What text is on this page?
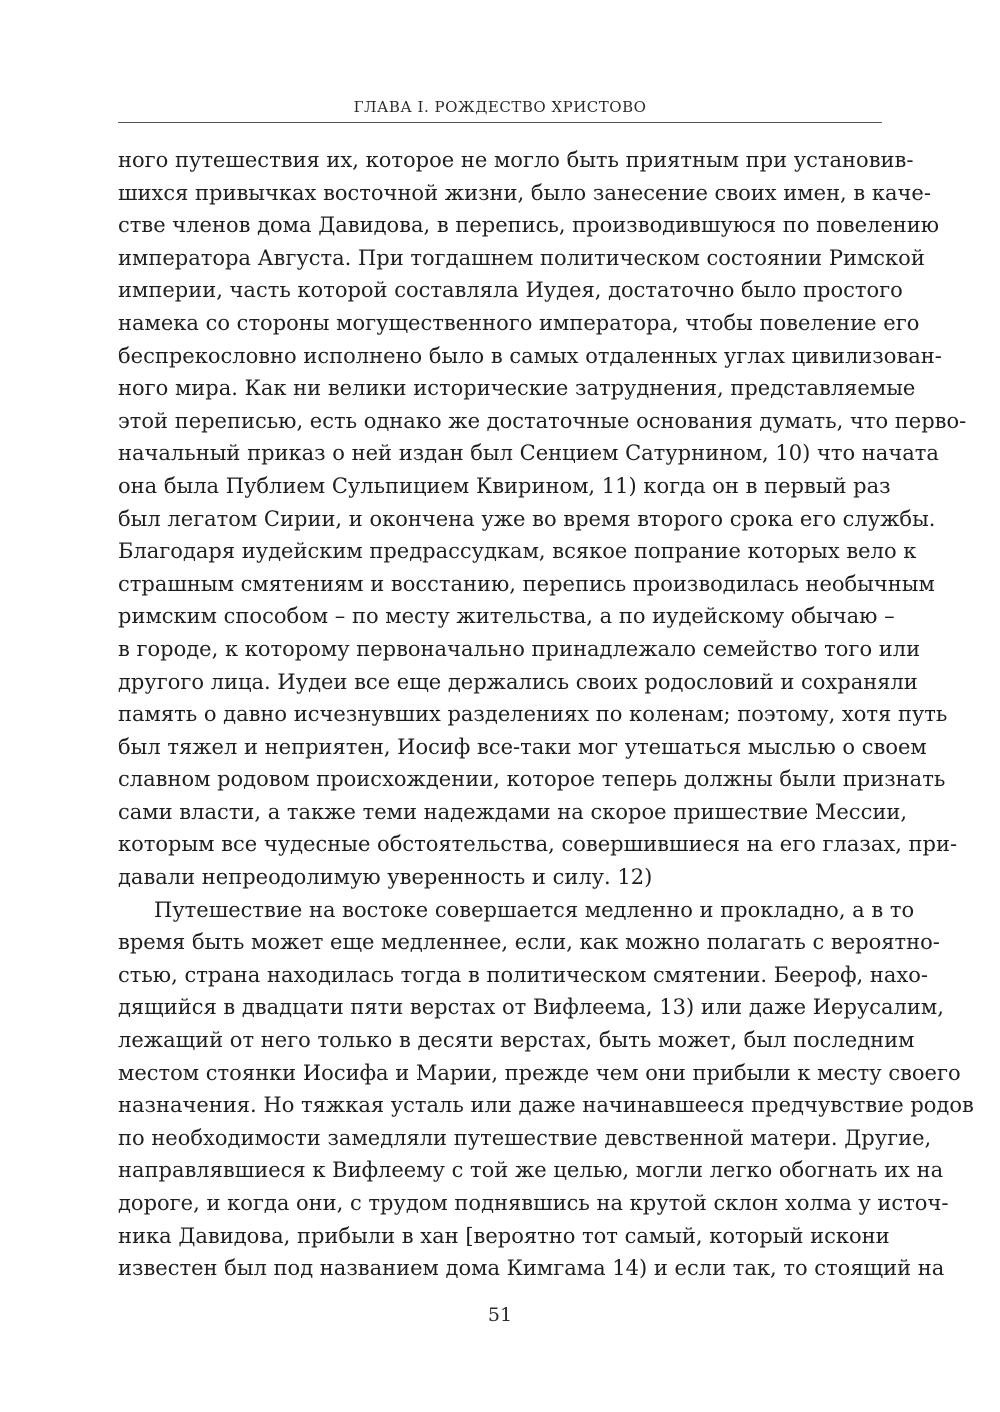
ГЛАВА I. РОЖДЕСТВО ХРИСТОВО
ного путешествия их, которое не могло быть приятным при установив-
шихся привычках восточной жизни, было занесение своих имен, в каче-
стве членов дома Давидова, в перепись, производившуюся по повелению
императора Августа. При тогдашнем политическом состоянии Римской
империи, часть которой составляла Иудея, достаточно было простого
намека со стороны могущественного императора, чтобы повеление его
беспрекословно исполнено было в самых отдаленных углах цивилизован-
ного мира. Как ни велики исторические затруднения, представляемые
этой переписью, есть однако же достаточные основания думать, что перво-
начальный приказ о ней издан был Сенцием Сатурнином, 10) что начата
она была Публием Сульпицием Квирином, 11) когда он в первый раз
был легатом Сирии, и окончена уже во время второго срока его службы.
Благодаря иудейским предрассудкам, всякое попрание которых вело к
страшным смятениям и восстанию, перепись производилась необычным
римским способом – по месту жительства, а по иудейскому обычаю –
в городе, к которому первоначально принадлежало семейство того или
другого лица. Иудеи все еще держались своих родословий и сохраняли
память о давно исчезнувших разделениях по коленам; поэтому, хотя путь
был тяжел и неприятен, Иосиф все-таки мог утешаться мыслью о своем
славном родовом происхождении, которое теперь должны были признать
сами власти, а также теми надеждами на скорое пришествие Мессии,
которым все чудесные обстоятельства, совершившиеся на его глазах, при-
давали непреодолимую уверенность и силу. 12)
Путешествие на востоке совершается медленно и прокладно, а в то
время быть может еще медленнее, если, как можно полагать с вероятно-
стью, страна находилась тогда в политическом смятении. Беероф, нахо-
дящийся в двадцати пяти верстах от Вифлеема, 13) или даже Иерусалим,
лежащий от него только в десяти верстах, быть может, был последним
местом стоянки Иосифа и Марии, прежде чем они прибыли к месту своего
назначения. Но тяжкая усталь или даже начинавшееся предчувствие родов
по необходимости замедляли путешествие девственной матери. Другие,
направлявшиеся к Вифлеему с той же целью, могли легко обогнать их на
дороге, и когда они, с трудом поднявшись на крутой склон холма у источ-
ника Давидова, прибыли в хан [вероятно тот самый, который искони
известен был под названием дома Кимгама 14) и если так, то стоящий на
51
